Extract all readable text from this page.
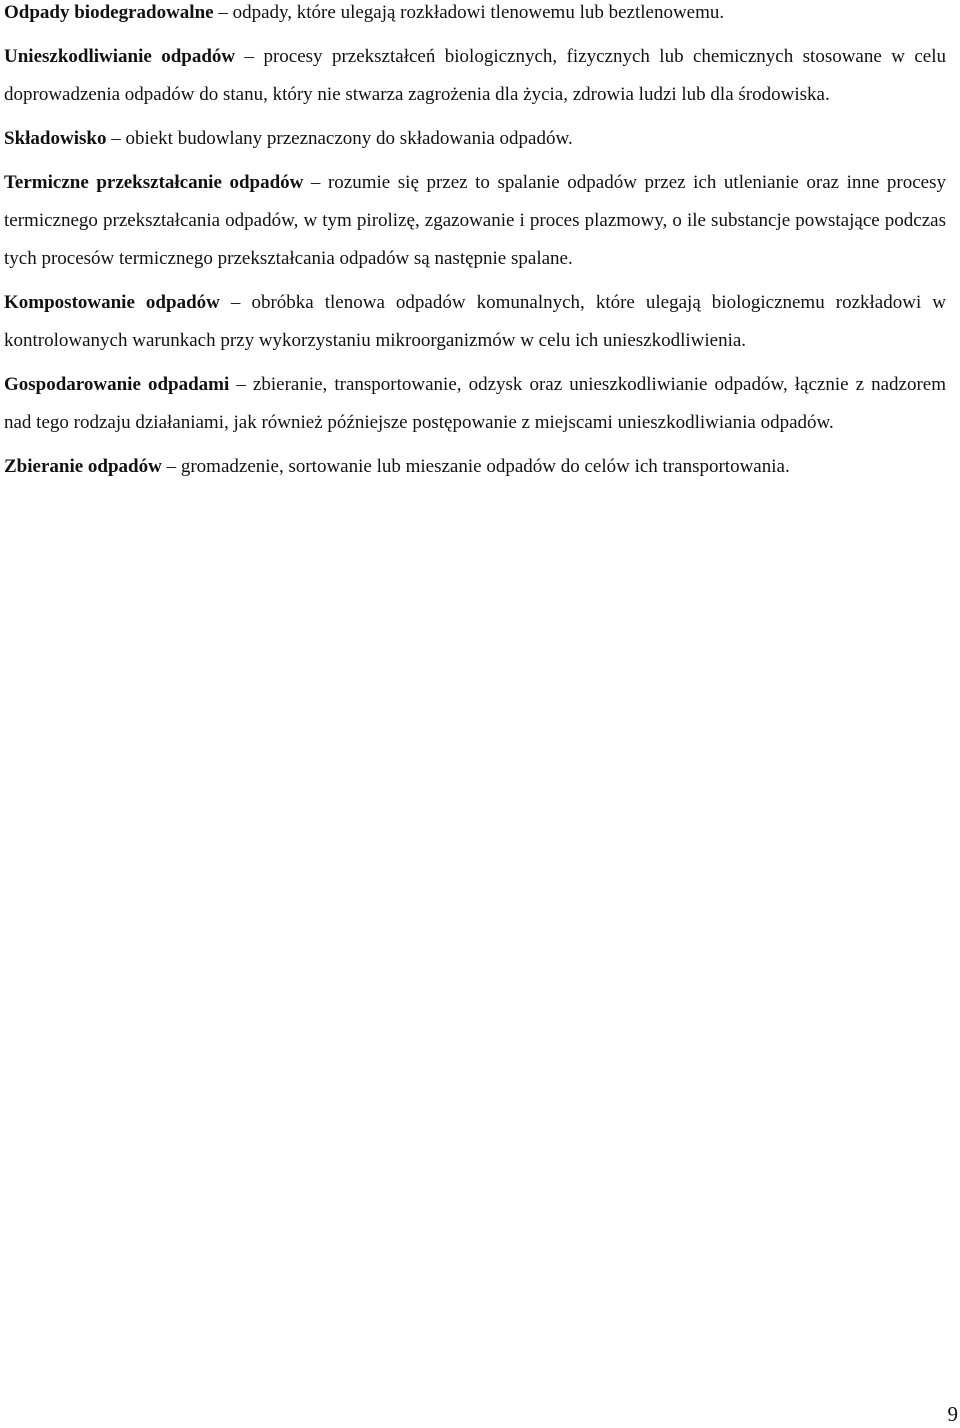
Odpady biodegradowalne – odpady, które ulegają rozkładowi tlenowemu lub beztlenowemu.

Unieszkodliwianie odpadów – procesy przekształceń biologicznych, fizycznych lub chemicznych stosowane w celu doprowadzenia odpadów do stanu, który nie stwarza zagrożenia dla życia, zdrowia ludzi lub dla środowiska.

Składowisko – obiekt budowlany przeznaczony do składowania odpadów.

Termiczne przekształcanie odpadów – rozumie się przez to spalanie odpadów przez ich utlenianie oraz inne procesy termicznego przekształcania odpadów, w tym pirolizę, zgazowanie i proces plazmowy, o ile substancje powstające podczas tych procesów termicznego przekształcania odpadów są następnie spalane.

Kompostowanie odpadów – obróbka tlenowa odpadów komunalnych, które ulegają biologicznemu rozkładowi w kontrolowanych warunkach przy wykorzystaniu mikroorganizmów w celu ich unieszkodliwienia.

Gospodarowanie odpadami – zbieranie, transportowanie, odzysk oraz unieszkodliwianie odpadów, łącznie z nadzorem nad tego rodzaju działaniami, jak również późniejsze postępowanie z miejscami unieszkodliwiania odpadów.

Zbieranie odpadów – gromadzenie, sortowanie lub mieszanie odpadów do celów ich transportowania.

9
